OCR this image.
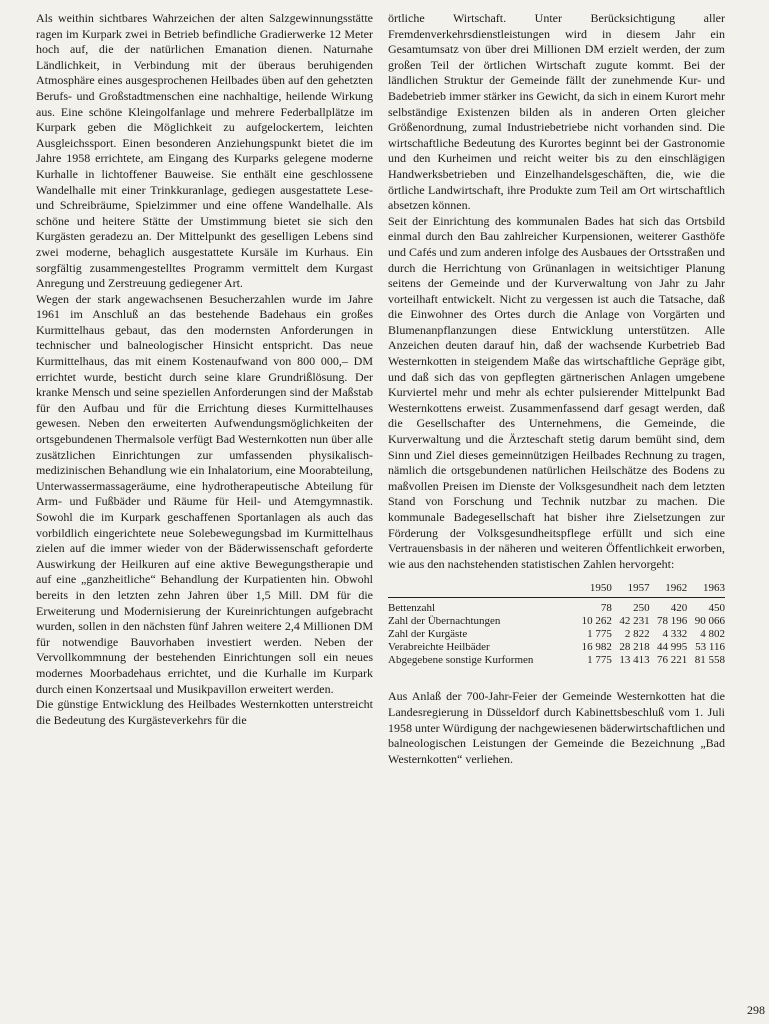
Als weithin sichtbares Wahrzeichen der alten Salzgewinnungsstätte ragen im Kurpark zwei in Betrieb befindliche Gradierwerke 12 Meter hoch auf, die der natürlichen Emanation dienen. Naturnahe Ländlichkeit, in Verbindung mit der überaus beruhigenden Atmosphäre eines ausgesprochenen Heilbades üben auf den gehetzten Berufs- und Großstadtmenschen eine nachhaltige, heilende Wirkung aus. Eine schöne Kleingolfanlage und mehrere Federballplätze im Kurpark geben die Möglichkeit zu aufgelockertem, leichten Ausgleichssport. Einen besonderen Anziehungspunkt bietet die im Jahre 1958 errichtete, am Eingang des Kurparks gelegene moderne Kurhalle in lichtoffener Bauweise. Sie enthält eine geschlossene Wandelhalle mit einer Trinkkuranlage, gediegen ausgestattete Lese- und Schreibräume, Spielzimmer und eine offene Wandelhalle. Als schöne und heitere Stätte der Umstimmung bietet sie sich den Kurgästen geradezu an. Der Mittelpunkt des geselligen Lebens sind zwei moderne, behaglich ausgestattete Kursäle im Kurhaus. Ein sorgfältig zusammengestelltes Programm vermittelt dem Kurgast Anregung und Zerstreuung gediegener Art.

Wegen der stark angewachsenen Besucherzahlen wurde im Jahre 1961 im Anschluß an das bestehende Badehaus ein großes Kurmittelhaus gebaut, das den modernsten Anforderungen in technischer und balneologischer Hinsicht entspricht. Das neue Kurmittelhaus, das mit einem Kostenaufwand von 800 000,– DM errichtet wurde, besticht durch seine klare Grundrißlösung. Der kranke Mensch und seine speziellen Anforderungen sind der Maßstab für den Aufbau und für die Errichtung dieses Kurmittelhauses gewesen. Neben den erweiterten Aufwendungsmöglichkeiten der ortsgebundenen Thermalsole verfügt Bad Westernkotten nun über alle zusätzlichen Einrichtungen zur umfassenden physikalisch-medizinischen Behandlung wie ein Inhalatorium, eine Moorabteilung, Unterwassermassageräume, eine hydrotherapeutische Abteilung für Arm- und Fußbäder und Räume für Heil- und Atemgymnastik. Sowohl die im Kurpark geschaffenen Sportanlagen als auch das vorbildlich eingerichtete neue Solebewegungsbad im Kurmittelhaus zielen auf die immer wieder von der Bäderwissenschaft geforderte Auswirkung der Heilkuren auf eine aktive Bewegungstherapie und auf eine „ganzheitliche“ Behandlung der Kurpatienten hin. Obwohl bereits in den letzten zehn Jahren über 1,5 Mill. DM für die Erweiterung und Modernisierung der Kureinrichtungen aufgebracht wurden, sollen in den nächsten fünf Jahren weitere 2,4 Millionen DM für notwendige Bauvorhaben investiert werden. Neben der Vervollkommnung der bestehenden Einrichtungen soll ein neues modernes Moorbadehaus errichtet, und die Kurhalle im Kurpark durch einen Konzertsaal und Musikpavillon erweitert werden.

Die günstige Entwicklung des Heilbades Westernkotten unterstreicht die Bedeutung des Kurgästeverkehrs für die

örtliche Wirtschaft. Unter Berücksichtigung aller Fremdenverkehrsdienstleistungen wird in diesem Jahr ein Gesamtumsatz von über drei Millionen DM erzielt werden, der zum großen Teil der örtlichen Wirtschaft zugute kommt. Bei der ländlichen Struktur der Gemeinde fällt der zunehmende Kur- und Badebetrieb immer stärker ins Gewicht, da sich in einem Kurort mehr selbständige Existenzen bilden als in anderen Orten gleicher Größenordnung, zumal Industriebetriebe nicht vorhanden sind. Die wirtschaftliche Bedeutung des Kurortes beginnt bei der Gastronomie und den Kurheimen und reicht weiter bis zu den einschlägigen Handwerksbetrieben und Einzelhandelsgeschäften, die, wie die örtliche Landwirtschaft, ihre Produkte zum Teil am Ort wirtschaftlich absetzen können.

Seit der Einrichtung des kommunalen Bades hat sich das Ortsbild einmal durch den Bau zahlreicher Kurpensionen, weiterer Gasthöfe und Cafés und zum anderen infolge des Ausbaues der Ortsstraßen und durch die Herrichtung von Grünanlagen in weitsichtiger Planung seitens der Gemeinde und der Kurverwaltung von Jahr zu Jahr vorteilhaft entwickelt. Nicht zu vergessen ist auch die Tatsache, daß die Einwohner des Ortes durch die Anlage von Vorgärten und Blumenanpflanzungen diese Entwicklung unterstützen. Alle Anzeichen deuten darauf hin, daß der wachsende Kurbetrieb Bad Westernkotten in steigendem Maße das wirtschaftliche Gepräge gibt, und daß sich das von gepflegten gärtnerischen Anlagen umgebene Kurviertel mehr und mehr als echter pulsierender Mittelpunkt Bad Westernkottens erweist. Zusammenfassend darf gesagt werden, daß die Gesellschafter des Unternehmens, die Gemeinde, die Kurverwaltung und die Ärzteschaft stetig darum bemüht sind, dem Sinn und Ziel dieses gemeinnützigen Heilbades Rechnung zu tragen, nämlich die ortsgebundenen natürlichen Heilschätze des Bodens zu maßvollen Preisen im Dienste der Volksgesundheit nach dem letzten Stand von Forschung und Technik nutzbar zu machen. Die kommunale Badegesellschaft hat bisher ihre Zielsetzungen zur Förderung der Volksgesundheitspflege erfüllt und sich eine Vertrauensbasis in der näheren und weiteren Öffentlichkeit erworben, wie aus den nachstehenden statistischen Zahlen hervorgeht:

	1950	1957	1962	1963
Bettenzahl	78	250	420	450
Zahl der Übernachtungen	10 262	42 231	78 196	90 066
Zahl der Kurgäste	1 775	2 822	4 332	4 802
Verabreichte Heilbäder	16 982	28 218	44 995	53 116
Abgegebene sonstige Kurformen	1 775	13 413	76 221	81 558

Aus Anlaß der 700-Jahr-Feier der Gemeinde Westernkotten hat die Landesregierung in Düsseldorf durch Kabinettsbeschluß vom 1. Juli 1958 unter Würdigung der nachgewiesenen bäderwirtschaftlichen und balneologischen Leistungen der Gemeinde die Bezeichnung „Bad Westernkotten“ verliehen.

298
